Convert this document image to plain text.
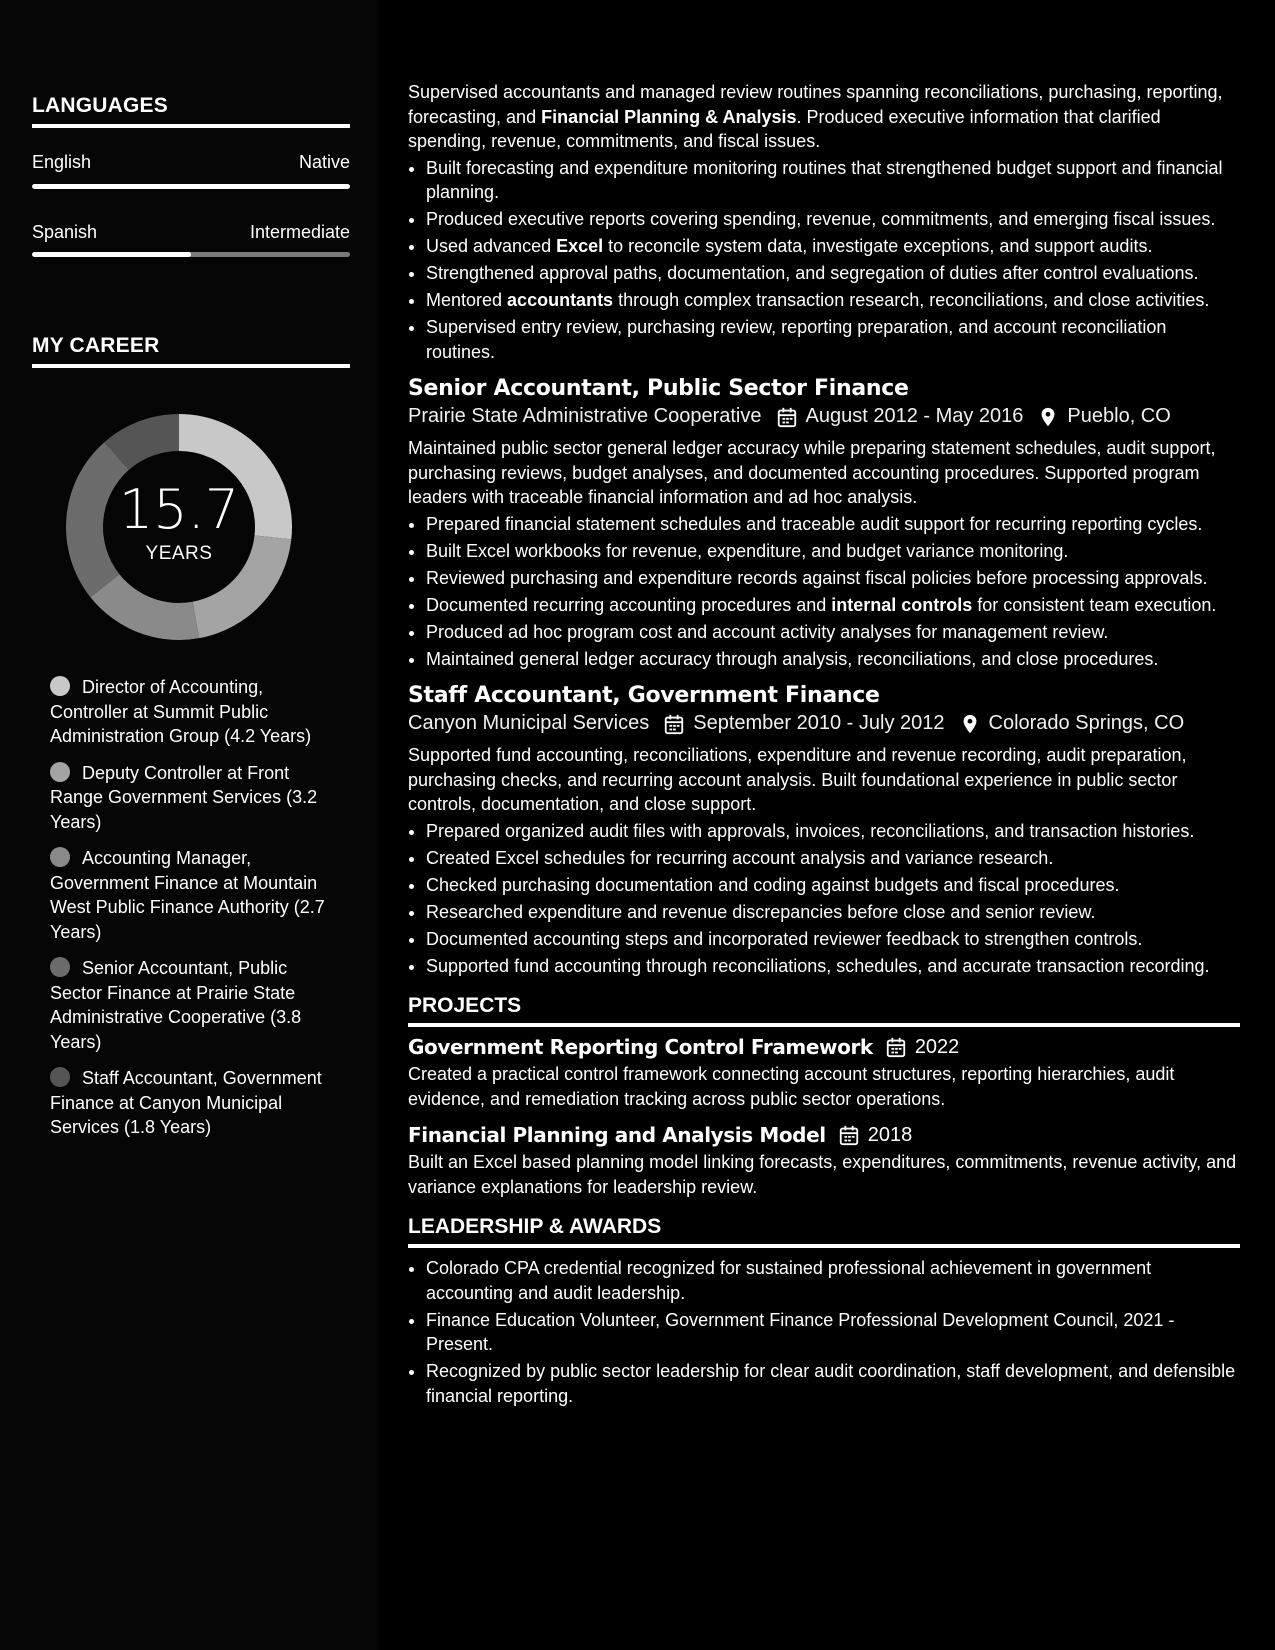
LANGUAGES
English	Native
Spanish	Intermediate
MY CAREER
15.7
YEARS
Director of Accounting, Controller at Summit Public Administration Group (4.2 Years)
Deputy Controller at Front Range Government Services (3.2 Years)
Accounting Manager, Government Finance at Mountain West Public Finance Authority (2.7 Years)
Senior Accountant, Public Sector Finance at Prairie State Administrative Cooperative (3.8 Years)
Staff Accountant, Government Finance at Canyon Municipal Services (1.8 Years)

Supervised accountants and managed review routines spanning reconciliations, purchasing, reporting, forecasting, and Financial Planning & Analysis. Produced executive information that clarified spending, revenue, commitments, and fiscal issues.

• Built forecasting and expenditure monitoring routines that strengthened budget support and financial planning.
• Produced executive reports covering spending, revenue, commitments, and emerging fiscal issues.
• Used advanced Excel to reconcile system data, investigate exceptions, and support audits.
• Strengthened approval paths, documentation, and segregation of duties after control evaluations.
• Mentored accountants through complex transaction research, reconciliations, and close activities.
• Supervised entry review, purchasing review, reporting preparation, and account reconciliation routines.
Senior Accountant, Public Sector Finance
Prairie State Administrative Cooperative August 2012 - May 2016 Pueblo, CO

Maintained public sector general ledger accuracy while preparing statement schedules, audit support, purchasing reviews, budget analyses, and documented accounting procedures. Supported program leaders with traceable financial information and ad hoc analysis.

• Prepared financial statement schedules and traceable audit support for recurring reporting cycles.
• Built Excel workbooks for revenue, expenditure, and budget variance monitoring.
• Reviewed purchasing and expenditure records against fiscal policies before processing approvals.
• Documented recurring accounting procedures and internal controls for consistent team execution.
• Produced ad hoc program cost and account activity analyses for management review.
• Maintained general ledger accuracy through analysis, reconciliations, and close procedures.
Staff Accountant, Government Finance
Canyon Municipal Services September 2010 - July 2012 Colorado Springs, CO

Supported fund accounting, reconciliations, expenditure and revenue recording, audit preparation, purchasing checks, and recurring account analysis. Built foundational experience in public sector controls, documentation, and close support.

• Prepared organized audit files with approvals, invoices, reconciliations, and transaction histories.
• Created Excel schedules for recurring account analysis and variance research.
• Checked purchasing documentation and coding against budgets and fiscal procedures.
• Researched expenditure and revenue discrepancies before close and senior review.
• Documented accounting steps and incorporated reviewer feedback to strengthen controls.
• Supported fund accounting through reconciliations, schedules, and accurate transaction recording.
PROJECTS
Government Reporting Control Framework 2022

Created a practical control framework connecting account structures, reporting hierarchies, audit evidence, and remediation tracking across public sector operations.

Financial Planning and Analysis Model 2018

Built an Excel based planning model linking forecasts, expenditures, commitments, revenue activity, and variance explanations for leadership review.

LEADERSHIP & AWARDS
• Colorado CPA credential recognized for sustained professional achievement in government accounting and audit leadership.
• Finance Education Volunteer, Government Finance Professional Development Council, 2021 - Present.
• Recognized by public sector leadership for clear audit coordination, staff development, and defensible financial reporting.
